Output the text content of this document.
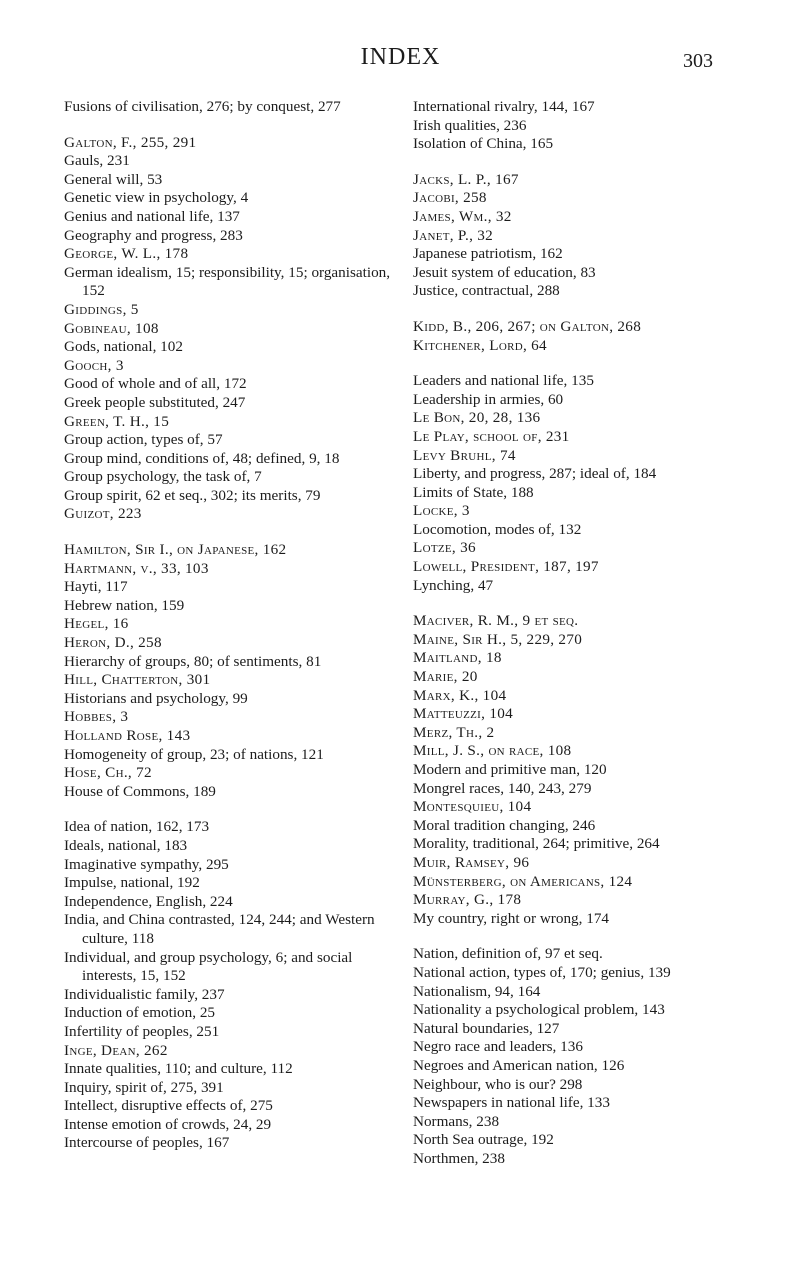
INDEX	303
Fusions of civilisation, 276; by conquest, 277
Galton, F., 255, 291
Gauls, 231
General will, 53
Genetic view in psychology, 4
Genius and national life, 137
Geography and progress, 283
George, W. L., 178
German idealism, 15; responsibility, 15; organisation, 152
Giddings, 5
Gobineau, 108
Gods, national, 102
Gooch, 3
Good of whole and of all, 172
Greek people substituted, 247
Green, T. H., 15
Group action, types of, 57
Group mind, conditions of, 48; defined, 9, 18
Group psychology, the task of, 7
Group spirit, 62 et seq., 302; its merits, 79
Guizot, 223
Hamilton, Sir I., on Japanese, 162
Hartmann, v., 33, 103
Hayti, 117
Hebrew nation, 159
Hegel, 16
Heron, D., 258
Hierarchy of groups, 80; of sentiments, 81
Hill, Chatterton, 301
Historians and psychology, 99
Hobbes, 3
Holland Rose, 143
Homogeneity of group, 23; of nations, 121
Hose, Ch., 72
House of Commons, 189
Idea of nation, 162, 173
Ideals, national, 183
Imaginative sympathy, 295
Impulse, national, 192
Independence, English, 224
India, and China contrasted, 124, 244; and Western culture, 118
Individual, and group psychology, 6; and social interests, 15, 152
Individualistic family, 237
Induction of emotion, 25
Infertility of peoples, 251
Inge, Dean, 262
Innate qualities, 110; and culture, 112
Inquiry, spirit of, 275, 391
Intellect, disruptive effects of, 275
Intense emotion of crowds, 24, 29
Intercourse of peoples, 167
International rivalry, 144, 167
Irish qualities, 236
Isolation of China, 165
Jacks, L. P., 167
Jacobi, 258
James, Wm., 32
Janet, P., 32
Japanese patriotism, 162
Jesuit system of education, 83
Justice, contractual, 288
Kidd, B., 206, 267; on Galton, 268
Kitchener, Lord, 64
Leaders and national life, 135
Leadership in armies, 60
Le Bon, 20, 28, 136
Le Play, school of, 231
Levy Bruhl, 74
Liberty, and progress, 287; ideal of, 184
Limits of State, 188
Locke, 3
Locomotion, modes of, 132
Lotze, 36
Lowell, President, 187, 197
Lynching, 47
Maciver, R. M., 9 et seq.
Maine, Sir H., 5, 229, 270
Maitland, 18
Marie, 20
Marx, K., 104
Matteuzzi, 104
Merz, Th., 2
Mill, J. S., on race, 108
Modern and primitive man, 120
Mongrel races, 140, 243, 279
Montesquieu, 104
Moral tradition changing, 246
Morality, traditional, 264; primitive, 264
Muir, Ramsey, 96
Münsterberg, on Americans, 124
Murray, G., 178
My country, right or wrong, 174
Nation, definition of, 97 et seq.
National action, types of, 170; genius, 139
Nationalism, 94, 164
Nationality a psychological problem, 143
Natural boundaries, 127
Negro race and leaders, 136
Negroes and American nation, 126
Neighbour, who is our? 298
Newspapers in national life, 133
Normans, 238
North Sea outrage, 192
Northmen, 238
